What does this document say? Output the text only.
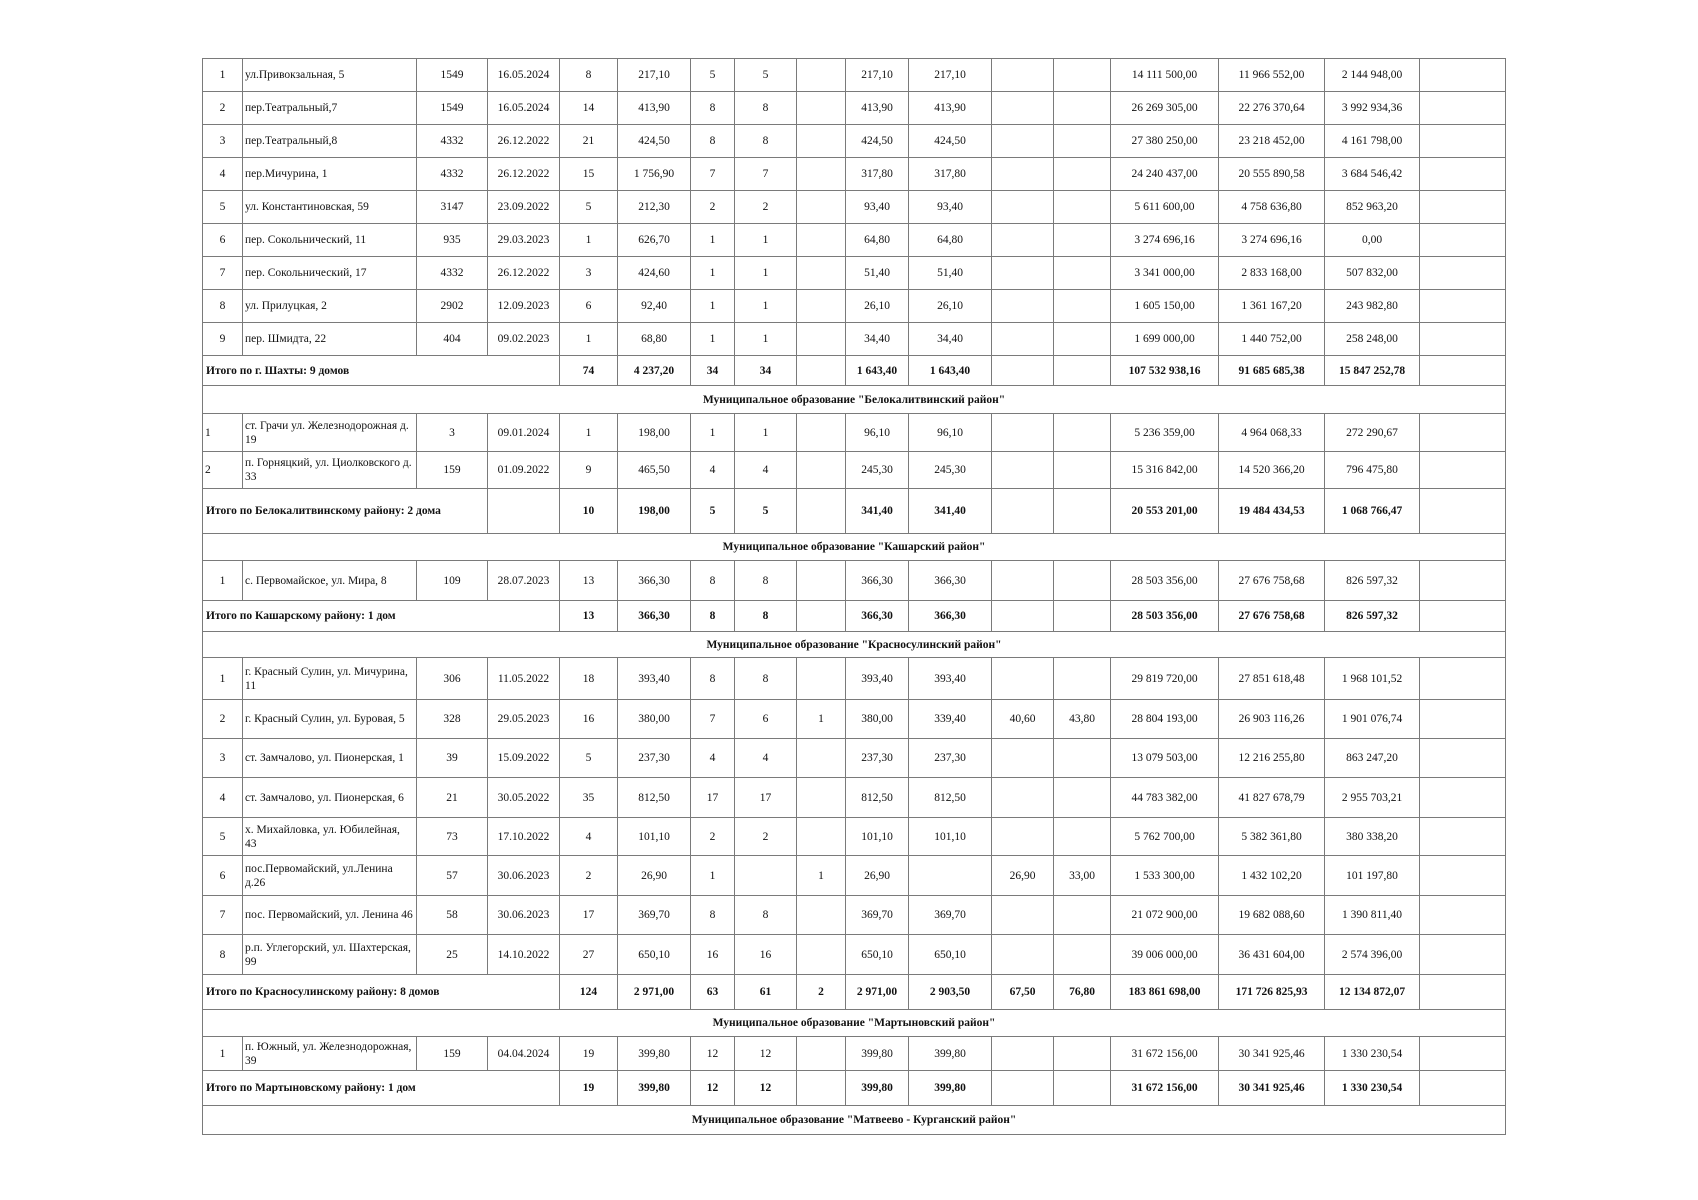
1	ул.Привокзальная, 5	1549	16.05.2024	8	217,10	5	5		217,10	217,10			14 111 500,00	11 966 552,00	2 144 948,00	
2	пер.Театральный,7	1549	16.05.2024	14	413,90	8	8		413,90	413,90			26 269 305,00	22 276 370,64	3 992 934,36	
3	пер.Театральный,8	4332	26.12.2022	21	424,50	8	8		424,50	424,50			27 380 250,00	23 218 452,00	4 161 798,00	
4	пер.Мичурина, 1	4332	26.12.2022	15	1 756,90	7	7		317,80	317,80			24 240 437,00	20 555 890,58	3 684 546,42	
5	ул. Константиновская, 59	3147	23.09.2022	5	212,30	2	2		93,40	93,40			5 611 600,00	4 758 636,80	852 963,20	
6	пер. Сокольнический, 11	935	29.03.2023	1	626,70	1	1		64,80	64,80			3 274 696,16	3 274 696,16	0,00	
7	пер. Сокольнический, 17	4332	26.12.2022	3	424,60	1	1		51,40	51,40			3 341 000,00	2 833 168,00	507 832,00	
8	ул. Прилуцкая, 2	2902	12.09.2023	6	92,40	1	1		26,10	26,10			1 605 150,00	1 361 167,20	243 982,80	
9	пер. Шмидта, 22	404	09.02.2023	1	68,80	1	1		34,40	34,40			1 699 000,00	1 440 752,00	258 248,00	
Итого по г. Шахты: 9 домов				74	4 237,20	34	34		1 643,40	1 643,40			107 532 938,16	91 685 685,38	15 847 252,78	
Муниципальное образование "Белокалитвинский район"																
1	ст. Грачи ул. Железнодорожная д. 19	3	09.01.2024	1	198,00	1	1		96,10	96,10			5 236 359,00	4 964 068,33	272 290,67	
2	п. Горняцкий, ул. Циолковского д. 33	159	01.09.2022	9	465,50	4	4		245,30	245,30			15 316 842,00	14 520 366,20	796 475,80	
Итого по Белокалитвинскому району: 2 дома				10	198,00	5	5		341,40	341,40			20 553 201,00	19 484 434,53	1 068 766,47	
Муниципальное образование "Кашарский район"																
1	с. Первомайское, ул. Мира, 8	109	28.07.2023	13	366,30	8	8		366,30	366,30			28 503 356,00	27 676 758,68	826 597,32	
Итого по Кашарскому району: 1 дом				13	366,30	8	8		366,30	366,30			28 503 356,00	27 676 758,68	826 597,32	
Муниципальное образование "Красносулинский район"																
1	г. Красный Сулин, ул. Мичурина, 11	306	11.05.2022	18	393,40	8	8		393,40	393,40			29 819 720,00	27 851 618,48	1 968 101,52	
2	г. Красный Сулин, ул. Буровая, 5	328	29.05.2023	16	380,00	7	6	1	380,00	339,40	40,60	43,80	28 804 193,00	26 903 116,26	1 901 076,74	
3	ст. Замчалово, ул. Пионерская, 1	39	15.09.2022	5	237,30	4	4		237,30	237,30			13 079 503,00	12 216 255,80	863 247,20	
4	ст. Замчалово, ул. Пионерская, 6	21	30.05.2022	35	812,50	17	17		812,50	812,50			44 783 382,00	41 827 678,79	2 955 703,21	
5	х. Михайловка, ул. Юбилейная, 43	73	17.10.2022	4	101,10	2	2		101,10	101,10			5 762 700,00	5 382 361,80	380 338,20	
6	пос.Первомайский, ул.Ленина д.26	57	30.06.2023	2	26,90	1		1	26,90		26,90	33,00	1 533 300,00	1 432 102,20	101 197,80	
7	пос. Первомайский, ул. Ленина 46	58	30.06.2023	17	369,70	8	8		369,70	369,70			21 072 900,00	19 682 088,60	1 390 811,40	
8	р.п. Углегорский, ул. Шахтерская, 99	25	14.10.2022	27	650,10	16	16		650,10	650,10			39 006 000,00	36 431 604,00	2 574 396,00	
Итого по Красносулинскому району: 8 домов				124	2 971,00	63	61	2	2 971,00	2 903,50	67,50	76,80	183 861 698,00	171 726 825,93	12 134 872,07	
Муниципальное образование "Мартыновский район"																
1	п. Южный, ул. Железнодорожная, 39	159	04.04.2024	19	399,80	12	12		399,80	399,80			31 672 156,00	30 341 925,46	1 330 230,54	
Итого по Мартыновскому району: 1 дом				19	399,80	12	12		399,80	399,80			31 672 156,00	30 341 925,46	1 330 230,54	
Муниципальное образование "Матвеево - Курганский район"																
